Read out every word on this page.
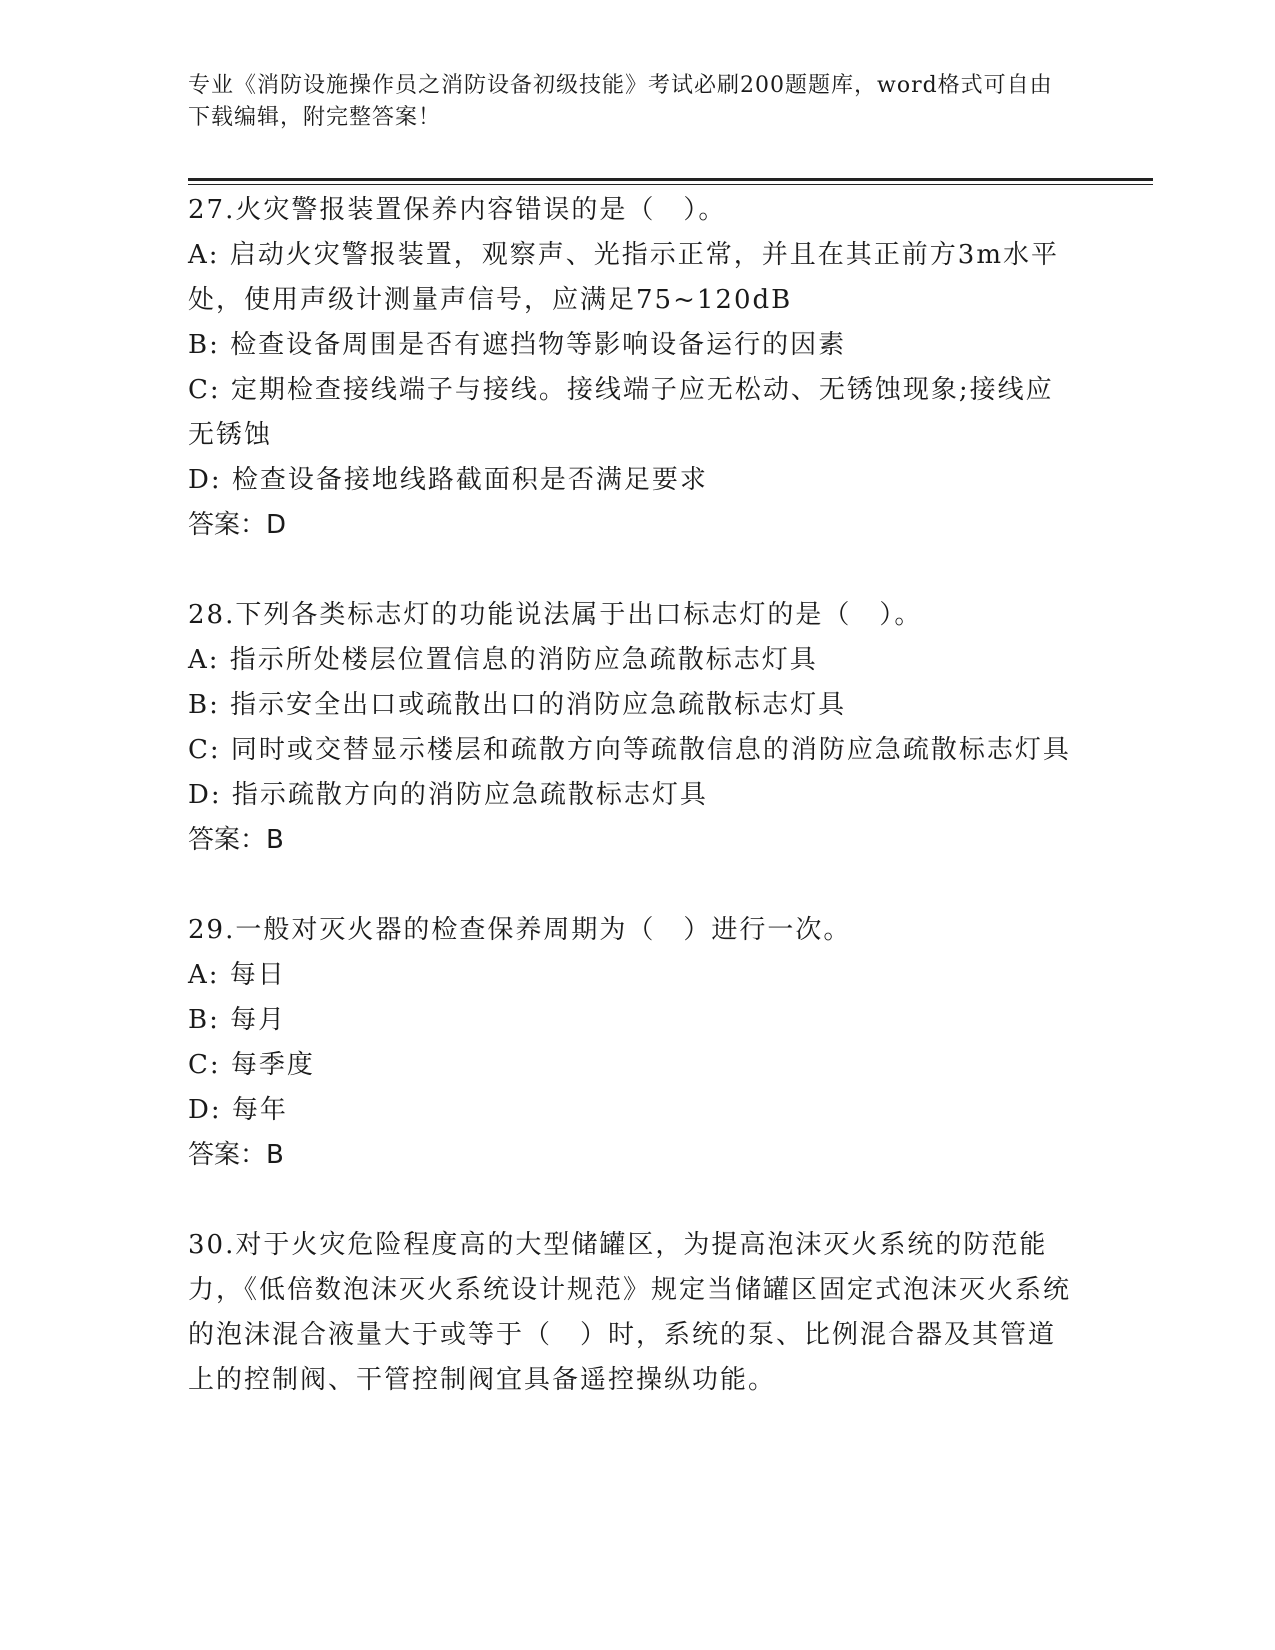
专业《消防设施操作员之消防设备初级技能》考试必刷200题题库，word格式可自由下载编辑，附完整答案！

27.火灾警报装置保养内容错误的是（　）。

A: 启动火灾警报装置，观察声、光指示正常，并且在其正前方3m水平处，使用声级计测量声信号，应满足75~120dB

B: 检查设备周围是否有遮挡物等影响设备运行的因素

C: 定期检查接线端子与接线。接线端子应无松动、无锈蚀现象;接线应无锈蚀

D: 检查设备接地线路截面积是否满足要求

答案：D

28.下列各类标志灯的功能说法属于出口标志灯的是（　）。

A: 指示所处楼层位置信息的消防应急疏散标志灯具

B: 指示安全出口或疏散出口的消防应急疏散标志灯具

C: 同时或交替显示楼层和疏散方向等疏散信息的消防应急疏散标志灯具

D: 指示疏散方向的消防应急疏散标志灯具

答案：B

29.一般对灭火器的检查保养周期为（　）进行一次。

A: 每日

B: 每月

C: 每季度

D: 每年

答案：B

30.对于火灾危险程度高的大型储罐区，为提高泡沫灭火系统的防范能力，《低倍数泡沫灭火系统设计规范》规定当储罐区固定式泡沫灭火系统的泡沫混合液量大于或等于（　）时，系统的泵、比例混合器及其管道上的控制阀、干管控制阀宜具备遥控操纵功能。
